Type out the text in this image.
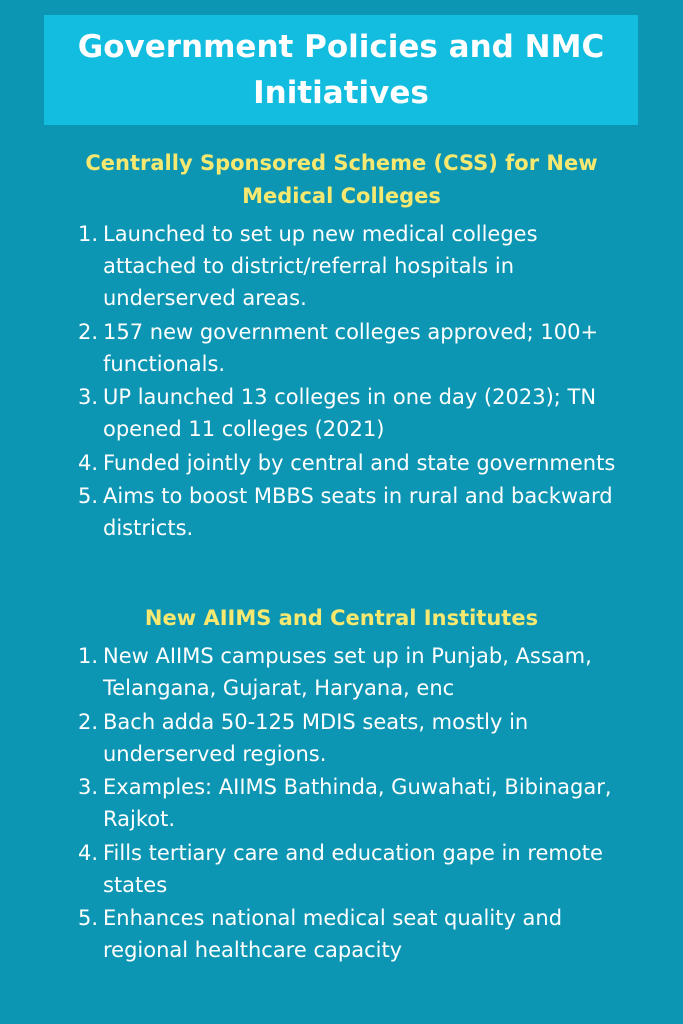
Government Policies and NMC Initiatives
Centrally Sponsored Scheme (CSS) for New Medical Colleges
1. Launched to set up new medical colleges attached to district/referral hospitals in underserved areas.
2. 157 new government colleges approved; 100+ functionals.
3. UP launched 13 colleges in one day (2023); TN opened 11 colleges (2021)
4. Funded jointly by central and state governments
5. Aims to boost MBBS seats in rural and backward districts.
New AIIMS and Central Institutes
1. New AIIMS campuses set up in Punjab, Assam, Telangana, Gujarat, Haryana, enc
2. Bach adda 50-125 MDIS seats, mostly in underserved regions.
3. Examples: AIIMS Bathinda, Guwahati, Bibinagar, Rajkot.
4. Fills tertiary care and education gape in remote states
5. Enhances national medical seat quality and regional healthcare capacity
